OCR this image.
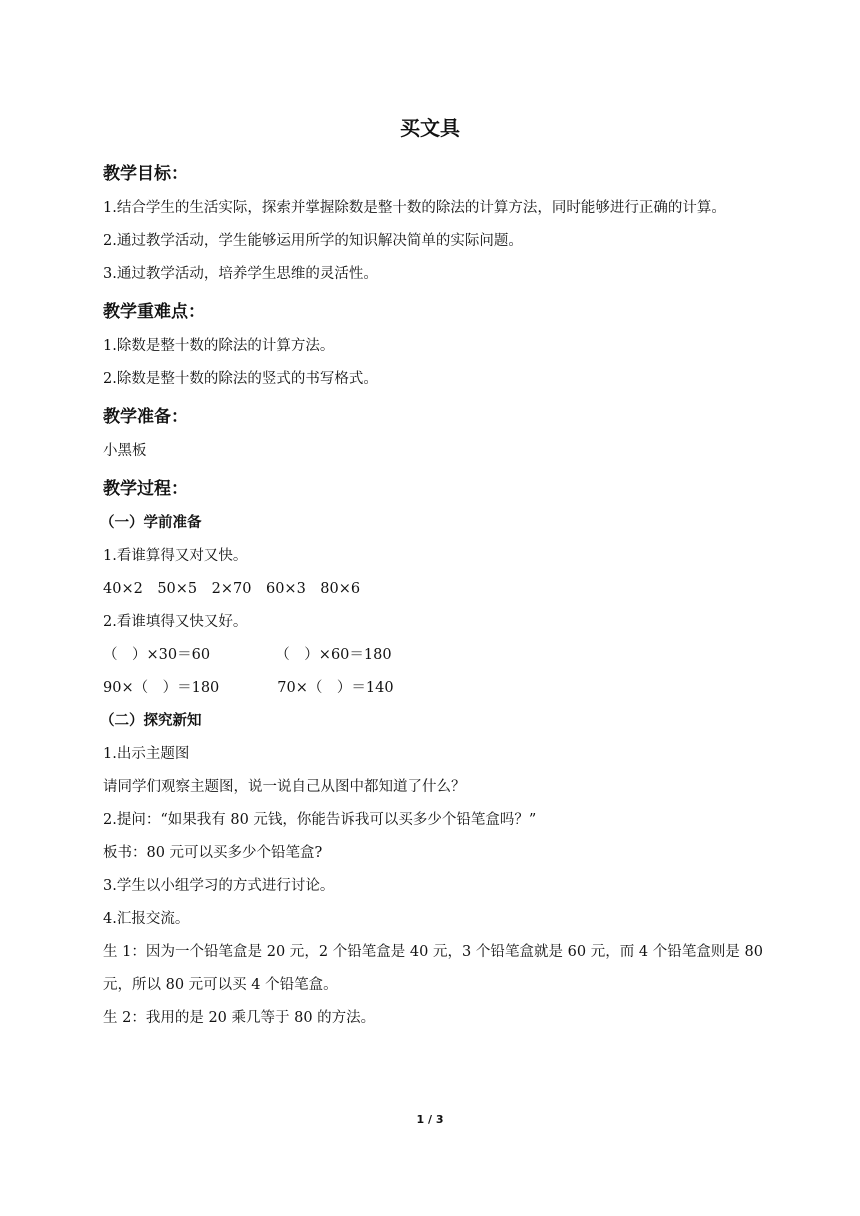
买文具
教学目标：
1.结合学生的生活实际，探索并掌握除数是整十数的除法的计算方法，同时能够进行正确的计算。
2.通过教学活动，学生能够运用所学的知识解决简单的实际问题。
3.通过教学活动，培养学生思维的灵活性。
教学重难点：
1.除数是整十数的除法的计算方法。
2.除数是整十数的除法的竖式的书写格式。
教学准备：
小黑板
教学过程：
（一）学前准备
1.看谁算得又对又快。
40×2　50×5　2×70　60×3　80×6
2.看谁填得又快又好。
（　）×30＝60　　　　　（　）×60＝180
90×（　）＝180　　　　70×（　）＝140
（二）探究新知
1.出示主题图
请同学们观察主题图，说一说自己从图中都知道了什么？
2.提问：“如果我有 80 元钱，你能告诉我可以买多少个铅笔盒吗？”
板书：80 元可以买多少个铅笔盒?
3.学生以小组学习的方式进行讨论。
4.汇报交流。
生 1：因为一个铅笔盒是 20 元，2 个铅笔盒是 40 元，3 个铅笔盒就是 60 元，而 4 个铅笔盒则是 80 元，所以 80 元可以买 4 个铅笔盒。
生 2：我用的是 20 乘几等于 80 的方法。
1 / 3
